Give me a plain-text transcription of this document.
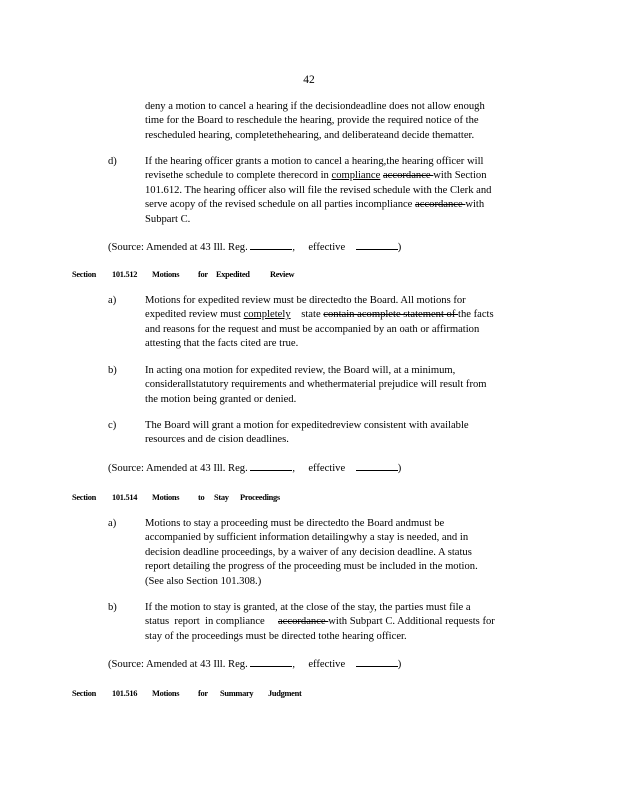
42
deny a motion to cancel a hearing if the decisiondeadline does not allow enough
time for the Board to reschedule the hearing, provide the required notice of the
rescheduled hearing, completethehearing, and deliberateand decide thematter.
d)	If the hearing officer grants a motion to cancel a hearing,the hearing officer will
revisethe schedule to complete therecord in compliance accordance with Section
101.612. The hearing officer also will file the revised schedule with the Clerk and
serve acopy of the revised schedule on all parties incompliance accordance with
Subpart C.
(Source: Amended at 43 Ill. Reg.	, effective	)
Section 101.512 Motions for Expedited Review
a)	Motions for expedited review must be directedto the Board. All motions for
expedited review must completely    state contain acomplete statement of the facts
and reasons for the request and must be accompanied by an oath or affirmation
attesting that the facts cited are true.
b)	In acting ona motion for expedited review, the Board will, at a minimum,
considerallstatutory requirements and whethermaterial prejudice will result from
the motion being granted or denied.
c)	The Board will grant a motion for expeditedreview consistent with available
resources and de cision deadlines.
(Source: Amended at 43 Ill. Reg.	, effective	)
Section 101.514 Motions to Stay Proceedings
a)	Motions to stay a proceeding must be directedto the Board andmust be
accompanied by sufficient information detailingwhy a stay is needed, and in
decision deadline proceedings, by a waiver of any decision deadline. A status
report detailing the progress of the proceeding must be included in the motion.
(See also Section 101.308.)
b)	If the motion to stay is granted, at the close of the stay, the parties must file a
status  report  in compliance     accordance with Subpart C. Additional requests for
stay of the proceedings must be directed tothe hearing officer.
(Source: Amended at 43 Ill. Reg.	, effective	)
Section 101.516 Motions for Summary Judgment
